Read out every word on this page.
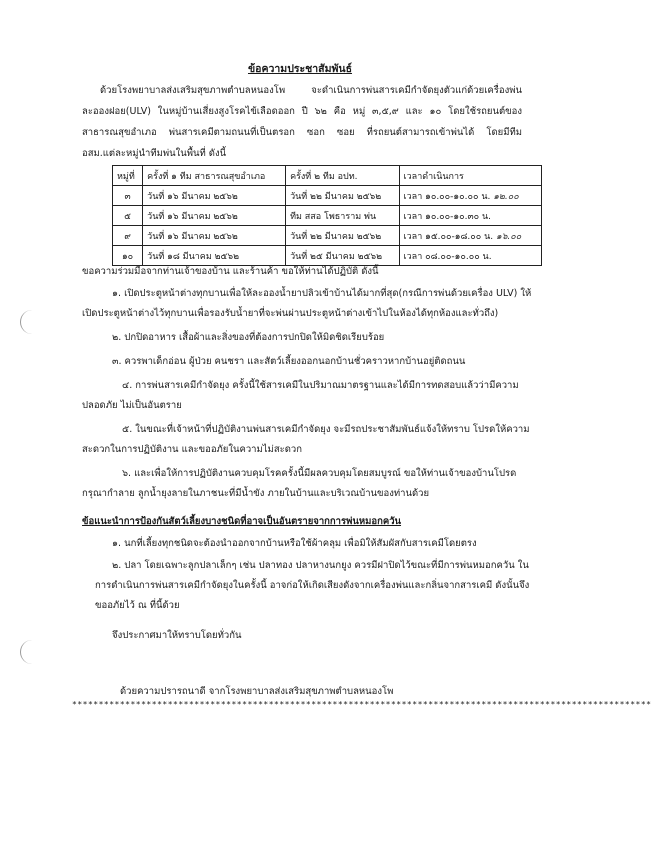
ข้อความประชาสัมพันธ์
ด้วยโรงพยาบาลส่งเสริมสุขภาพตำบลหนองโพ จะดำเนินการพ่นสารเคมีกำจัดยุงตัวแก่ด้วยเครื่องพ่นละอองฝอย(ULV) ในหมู่บ้านเสี่ยงสูงโรคไข้เลือดออก ปี ๖๒ คือ หมู่ ๓,๕,๙ และ ๑๐ โดยใช้รถยนต์ของสาธารณสุขอำเภอ พ่นสารเคมีตามถนนที่เป็นตรอก ซอก ซอย ที่รถยนต์สามารถเข้าพ่นได้ โดยมีทีม อสม.แต่ละหมู่นำทีมพ่นในพื้นที่ ดังนี้
หมู่ที่	ครั้งที่ ๑ ทีม สาธารณสุขอำเภอ	ครั้งที่ ๒ ทีม อปท.	เวลาดำเนินการ
๓	วันที่ ๑๖ มีนาคม ๒๕๖๒	วันที่ ๒๒ มีนาคม ๒๕๖๒	เวลา ๑๐.๐๐-๑๐.๐๐ น. ๑๒.๐๐
๕	วันที่ ๑๖ มีนาคม ๒๕๖๒	ทีม สสอ โพธาราม พ่น	เวลา ๑๐.๐๐-๑๐.๓๐ น.
๙	วันที่ ๑๖ มีนาคม ๒๕๖๒	วันที่ ๒๒ มีนาคม ๒๕๖๒	เวลา ๑๕.๐๐-๑๘.๐๐ น. ๑๖.๐๐
๑๐	วันที่ ๑๘ มีนาคม ๒๕๖๒	วันที่ ๒๕ มีนาคม ๒๕๖๒	เวลา ๐๘.๐๐-๑๐.๐๐ น.
ขอความร่วมมือจากท่านเจ้าของบ้าน และร้านค้า ขอให้ท่านได้ปฏิบัติ ดังนี้
๑. เปิดประตูหน้าต่างทุกบานเพื่อให้ละอองน้ำยาปลิวเข้าบ้านได้มากที่สุด(กรณีการพ่นด้วยเครื่อง ULV) ให้เปิดประตูหน้าต่างไว้ทุกบานเพื่อรองรับน้ำยาที่จะพ่นผ่านประตูหน้าต่างเข้าไปในห้องได้ทุกห้องและทั่วถึง)
๒. ปกปิดอาหาร เสื้อผ้าและสิ่งของที่ต้องการปกปิดให้มิดชิดเรียบร้อย
๓. ควรพาเด็กอ่อน ผู้ป่วย คนชรา และสัตว์เลี้ยงออกนอกบ้านชั่วคราวหากบ้านอยู่ติดถนน
๔. การพ่นสารเคมีกำจัดยุง ครั้งนี้ใช้สารเคมีในปริมาณมาตรฐานและได้มีการทดสอบแล้วว่ามีความปลอดภัย ไม่เป็นอันตราย
๕. ในขณะที่เจ้าหน้าที่ปฏิบัติงานพ่นสารเคมีกำจัดยุง จะมีรถประชาสัมพันธ์แจ้งให้ทราบ โปรดให้ความสะดวกในการปฏิบัติงาน และขออภัยในความไม่สะดวก
๖. และเพื่อให้การปฏิบัติงานควบคุมโรคครั้งนี้มีผลควบคุมโดยสมบูรณ์ ขอให้ท่านเจ้าของบ้านโปรดกรุณากำลาย ลูกน้ำยุงลายในภาชนะที่มีน้ำขัง ภายในบ้านและบริเวณบ้านของท่านด้วย
ข้อแนะนำการป้องกันสัตว์เลี้ยงบางชนิดที่อาจเป็นอันตรายจากการพ่นหมอกควัน
๑. นกที่เลี้ยงทุกชนิดจะต้องนำออกจากบ้านหรือใช้ผ้าคลุม เพื่อมิให้สัมผัสกับสารเคมีโดยตรง
๒. ปลา โดยเฉพาะลูกปลาเล็กๆ เช่น ปลาทอง ปลาหางนกยูง ควรมีฝาปิดไว้ขณะที่มีการพ่นหมอกควัน ในการดำเนินการพ่นสารเคมีกำจัดยุงในครั้งนี้ อาจก่อให้เกิดเสียงดังจากเครื่องพ่นและกลิ่นจากสารเคมี ดังนั้นจึงขออภัยไว้ ณ ที่นี้ด้วย
จึงประกาศมาให้ทราบโดยทั่วกัน
ด้วยความปรารถนาดี จากโรงพยาบาลส่งเสริมสุขภาพตำบลหนองโพ
*************************************************************************************************************
